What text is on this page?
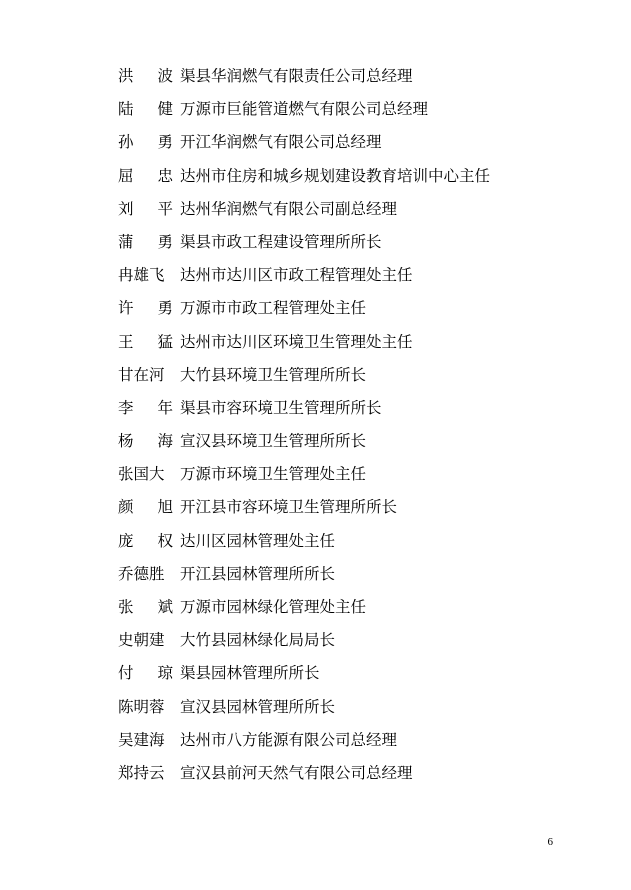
洪 波 渠县华润燃气有限责任公司总经理
陆 健 万源市巨能管道燃气有限公司总经理
孙 勇 开江华润燃气有限公司总经理
屈 忠 达州市住房和城乡规划建设教育培训中心主任
刘 平 达州华润燃气有限公司副总经理
蒲 勇 渠县市政工程建设管理所所长
冉雄飞 达州市达川区市政工程管理处主任
许 勇 万源市市政工程管理处主任
王 猛 达州市达川区环境卫生管理处主任
甘在河 大竹县环境卫生管理所所长
李 年 渠县市容环境卫生管理所所长
杨 海 宣汉县环境卫生管理所所长
张国大 万源市环境卫生管理处主任
颜 旭 开江县市容环境卫生管理所所长
庞 权 达川区园林管理处主任
乔德胜 开江县园林管理所所长
张 斌 万源市园林绿化管理处主任
史朝建 大竹县园林绿化局局长
付 琼 渠县园林管理所所长
陈明蓉 宣汉县园林管理所所长
吴建海 达州市八方能源有限公司总经理
郑持云 宣汉县前河天然气有限公司总经理
6
